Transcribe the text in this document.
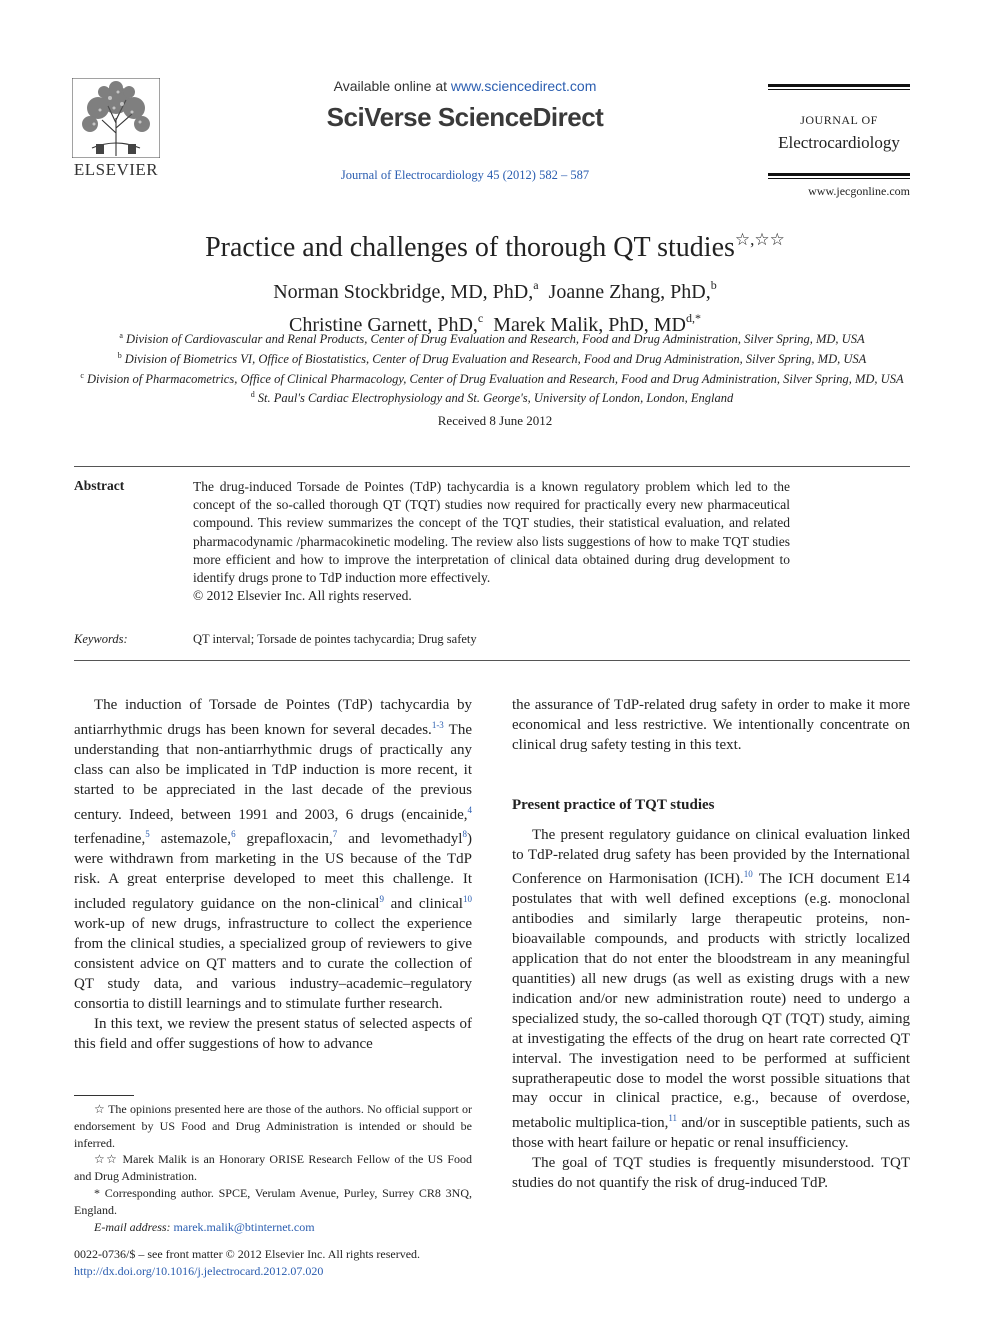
ELSEVIER
Available online at www.sciencedirect.com
SciVerse ScienceDirect
Journal of Electrocardiology 45 (2012) 582 – 587
JOURNAL OF
Electrocardiology
www.jecgonline.com
Practice and challenges of thorough QT studies☆,☆☆
Norman Stockbridge, MD, PhD,$^a$ Joanne Zhang, PhD,$^b$
Christine Garnett, PhD,$^c$ Marek Malik, PhD, $MD^{d,*}$
$^a$ Division of Cardiovascular and Renal Products, Center of Drug Evaluation and Research, Food and Drug Administration, Silver Spring, MD, USA
$^b$ Division of Biometrics VI, Office of Biostatistics, Center of Drug Evaluation and Research, Food and Drug Administration, Silver Spring, MD, USA
$^c$ Division of Pharmacometrics, Office of Clinical Pharmacology, Center of Drug Evaluation and Research, Food and Drug Administration, Silver Spring, MD, USA
$^d$ St. Paul's Cardiac Electrophysiology and St. George's, University of London, London, England
Received 8 June 2012
Abstract	The drug-induced Torsade de Pointes (TdP) tachycardia is a known regulatory problem which led to the concept of the so-called thorough QT (TQT) studies now required for practically every new pharmaceutical compound. This review summarizes the concept of the TQT studies, their statistical evaluation, and related pharmacodynamic /pharmacokinetic modeling. The review also lists suggestions of how to make TQT studies more efficient and how to improve the interpretation of clinical data obtained during drug development to identify drugs prone to TdP induction more effectively.
© 2012 Elsevier Inc. All rights reserved.
Keywords:	QT interval; Torsade de pointes tachycardia; Drug safety

The induction of Torsade de Pointes (TdP) tachycardia by antiarrhythmic drugs has been known for several decades.$^{1-3}$ The understanding that non-antiarrhythmic drugs of practically any class can also be implicated in TdP induction is more recent, it started to be appreciated in the last decade of the previous century. Indeed, between 1991 and 2003, 6 drugs (encainide,$^4$ terfenadine,$^5$ astemazole,$^6$ grepafloxacin,$^7$ and levomethadyl$^8$) were withdrawn from marketing in the US because of the TdP risk. A great enterprise developed to meet this challenge. It included regulatory guidance on the non-clinical$^9$ and clinical$^{10}$ work-up of new drugs, infrastructure to collect the experience from the clinical studies, a specialized group of reviewers to give consistent advice on QT matters and to curate the collection of QT study data, and various industry–academic–regulatory consortia to distill learnings and to stimulate further research.

In this text, we review the present status of selected aspects of this field and offer suggestions of how to advance

the assurance of TdP-related drug safety in order to make it more economical and less restrictive. We intentionally concentrate on clinical drug safety testing in this text.

Present practice of TQT studies

The present regulatory guidance on clinical evaluation linked to TdP-related drug safety has been provided by the International Conference on Harmonisation (ICH).$^{10}$ The ICH document E14 postulates that with well defined exceptions (e.g. monoclonal antibodies and similarly large therapeutic proteins, non-bioavailable compounds, and products with strictly localized application that do not enter the bloodstream in any meaningful quantities) all new drugs (as well as existing drugs with a new indication and/or new administration route) need to undergo a specialized study, the so-called thorough QT (TQT) study, aiming at investigating the effects of the drug on heart rate corrected QT interval. The investigation need to be performed at sufficient supratherapeutic dose to model the worst possible situations that may occur in clinical practice, e.g., because of overdose, metabolic multiplica-tion,$^{11}$ and/or in susceptible patients, such as those with heart failure or hepatic or renal insufficiency.

The goal of TQT studies is frequently misunderstood. TQT studies do not quantify the risk of drug-induced TdP.

☆ The opinions presented here are those of the authors. No official support or endorsement by US Food and Drug Administration is intended or should be inferred.
☆☆ Marek Malik is an Honorary ORISE Research Fellow of the US Food and Drug Administration.
* Corresponding author. SPCE, Verulam Avenue, Purley, Surrey CR8 3NQ, England.
E-mail address: marek.malik@btinternet.com
0022-0736/$ – see front matter © 2012 Elsevier Inc. All rights reserved.
http://dx.doi.org/10.1016/j.jelectrocard.2012.07.020
